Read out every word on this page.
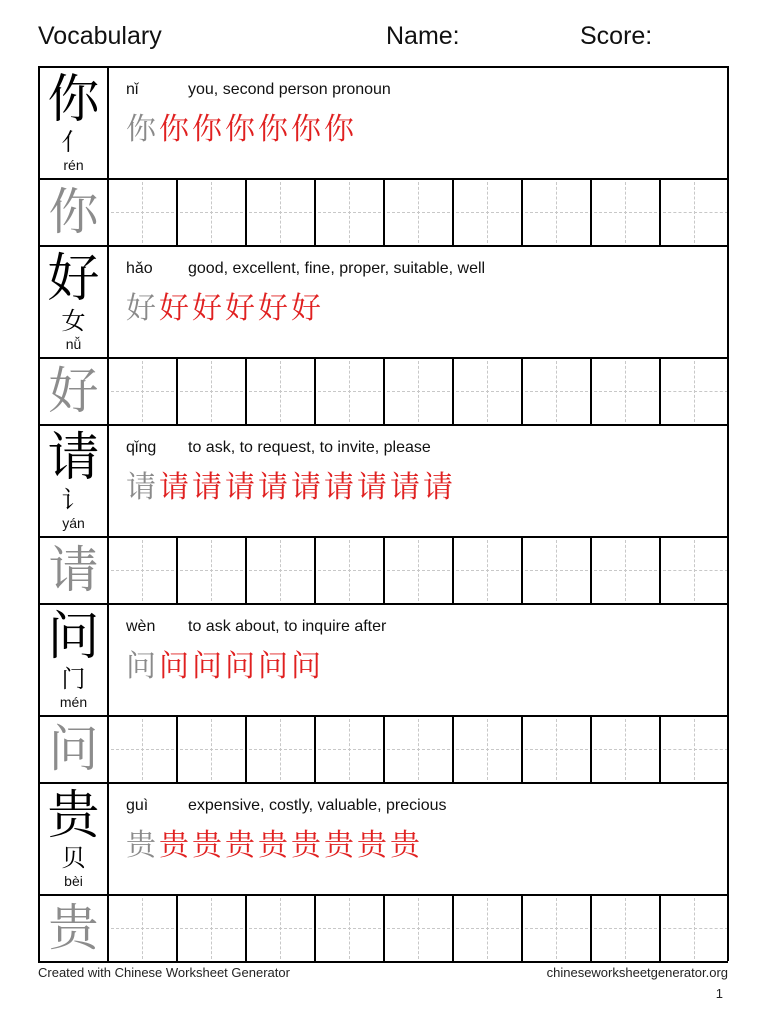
Vocabulary	Name:	Score:
你
亻
rén
nǐ	you, second person pronoun
你你你你你你你
你
好
女
nǚ
hǎo good, excellent, fine, proper, suitable, well
好好好好好好
好
请
讠
yán
qǐng to ask, to request, to invite, please
请请请请请请请请请请
请
问
门
mén
wèn to ask about, to inquire after
问问问问问问
问
贵
贝
bèi
guì expensive, costly, valuable, precious
贵贵贵贵贵贵贵贵贵
贵
Created with Chinese Worksheet Generator	chineseworksheetgenerator.org
1
